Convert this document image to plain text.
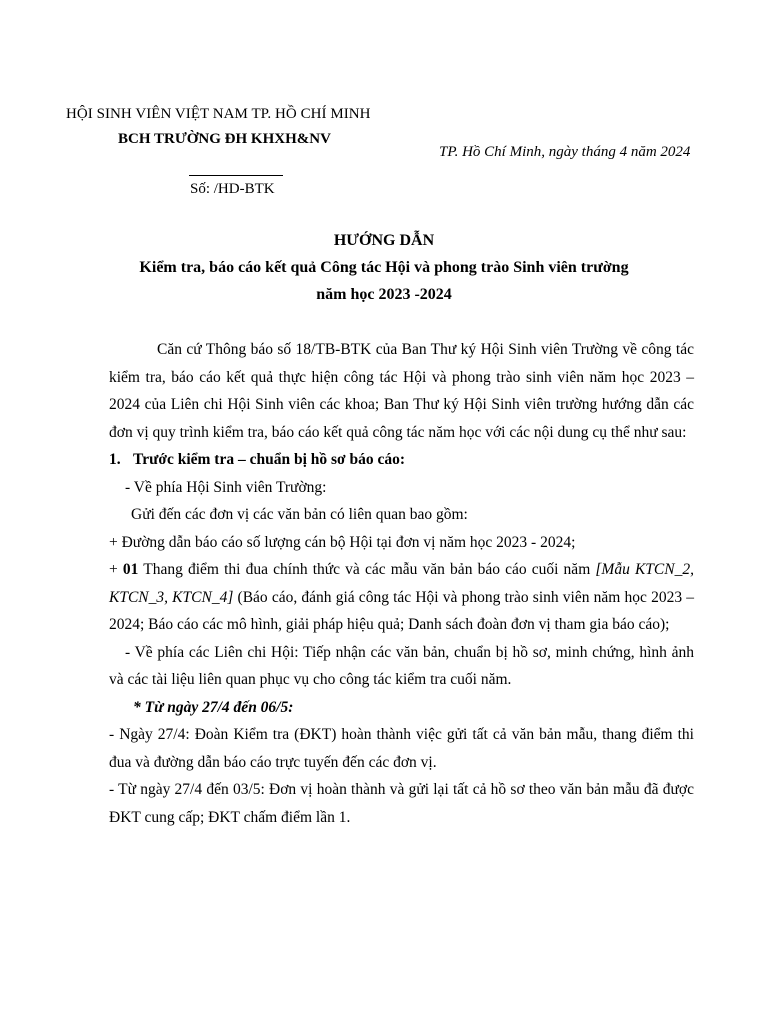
HỘI SINH VIÊN VIỆT NAM TP. HỒ CHÍ MINH
BCH TRƯỜNG ĐH KHXH&NV
Số: /HD-BTK
TP. Hồ Chí Minh, ngày tháng 4 năm 2024
HƯỚNG DẪN
Kiểm tra, báo cáo kết quả Công tác Hội và phong trào Sinh viên trường
năm học 2023 -2024

Căn cứ Thông báo số 18/TB-BTK của Ban Thư ký Hội Sinh viên Trường về công tác kiểm tra, báo cáo kết quả thực hiện công tác Hội và phong trào sinh viên năm học 2023 – 2024 của Liên chi Hội Sinh viên các khoa; Ban Thư ký Hội Sinh viên trường hướng dẫn các đơn vị quy trình kiểm tra, báo cáo kết quả công tác năm học với các nội dung cụ thể như sau:

1. Trước kiểm tra – chuẩn bị hồ sơ báo cáo:

- Về phía Hội Sinh viên Trường:

Gửi đến các đơn vị các văn bản có liên quan bao gồm:

+ Đường dẫn báo cáo số lượng cán bộ Hội tại đơn vị năm học 2023 - 2024;

+ 01 Thang điểm thi đua chính thức và các mẫu văn bản báo cáo cuối năm [Mẫu KTCN_2, KTCN_3, KTCN_4] (Báo cáo, đánh giá công tác Hội và phong trào sinh viên năm học 2023 – 2024; Báo cáo các mô hình, giải pháp hiệu quả; Danh sách đoàn đơn vị tham gia báo cáo);

- Về phía các Liên chi Hội: Tiếp nhận các văn bản, chuẩn bị hồ sơ, minh chứng, hình ảnh và các tài liệu liên quan phục vụ cho công tác kiểm tra cuối năm.

* Từ ngày 27/4 đến 06/5:

- Ngày 27/4: Đoàn Kiểm tra (ĐKT) hoàn thành việc gửi tất cả văn bản mẫu, thang điểm thi đua và đường dẫn báo cáo trực tuyến đến các đơn vị.

- Từ ngày 27/4 đến 03/5: Đơn vị hoàn thành và gửi lại tất cả hồ sơ theo văn bản mẫu đã được ĐKT cung cấp; ĐKT chấm điểm lần 1.
